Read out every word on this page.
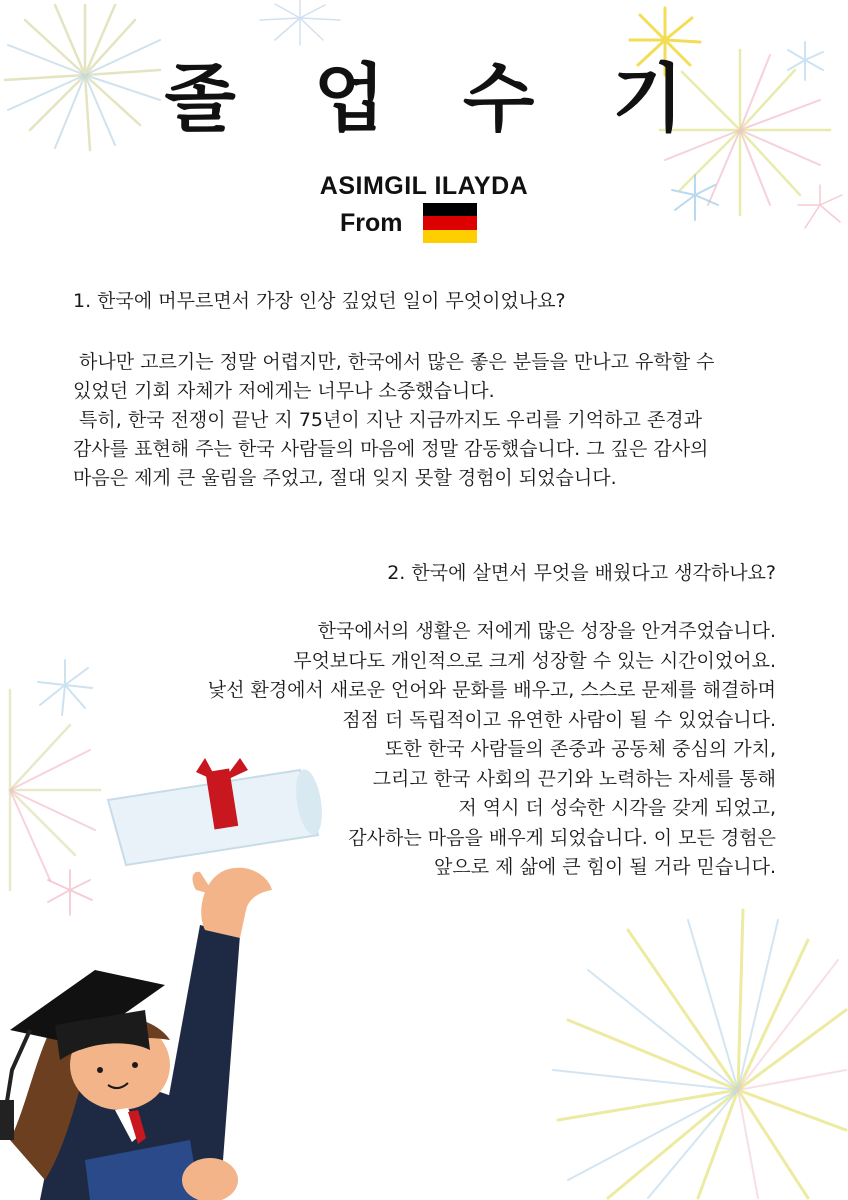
졸 업 수 기
ASIMGIL ILAYDA
From
1. 한국에 머무르면서 가장 인상 깊었던 일이 무엇이었나요?

하나만 고르기는 정말 어렵지만, 한국에서 많은 좋은 분들을 만나고 유학할 수

있었던 기회 자체가 저에게는 너무나 소중했습니다.

특히, 한국 전쟁이 끝난 지 75년이 지난 지금까지도 우리를 기억하고 존경과

감사를 표현해 주는 한국 사람들의 마음에 정말 감동했습니다. 그 깊은 감사의

마음은 제게 큰 울림을 주었고, 절대 잊지 못할 경험이 되었습니다.

2. 한국에 살면서 무엇을 배웠다고 생각하나요?

한국에서의 생활은 저에게 많은 성장을 안겨주었습니다.

무엇보다도 개인적으로 크게 성장할 수 있는 시간이었어요.

낯선 환경에서 새로운 언어와 문화를 배우고, 스스로 문제를 해결하며

점점 더 독립적이고 유연한 사람이 될 수 있었습니다.

또한 한국 사람들의 존중과 공동체 중심의 가치,

그리고 한국 사회의 끈기와 노력하는 자세를 통해

저 역시 더 성숙한 시각을 갖게 되었고,

감사하는 마음을 배우게 되었습니다. 이 모든 경험은

앞으로 제 삶에 큰 힘이 될 거라 믿습니다.
